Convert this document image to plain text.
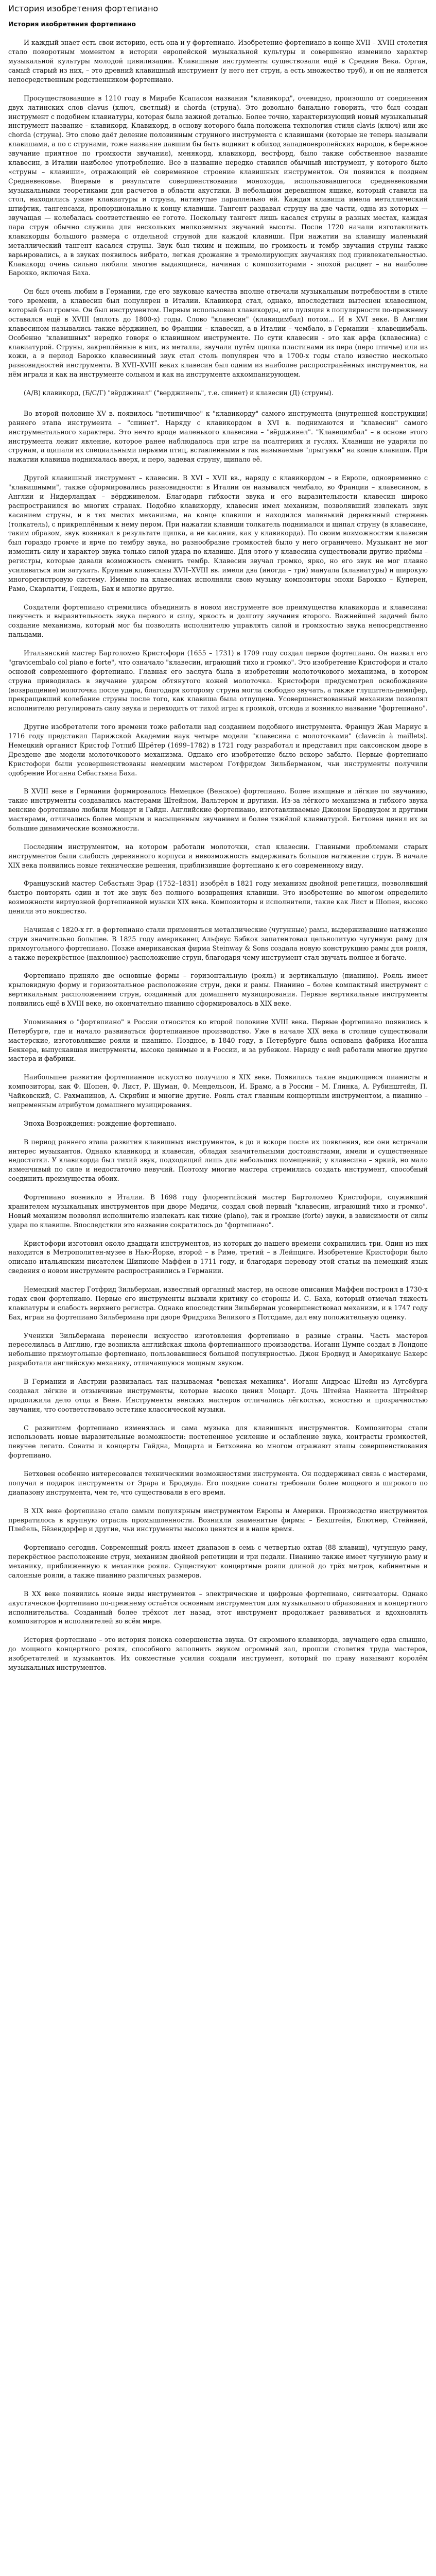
История изобретения фортепиано
История изобретения фортепиано

И каждый знает есть свои историю, есть она и у фортепиано. Изобретение фортепиано в конце XVII – XVIII столетия стало поворотным моментом в истории европейской музыкальной культуры и совершенно изменило характер музыкальной культуры молодой цивилизации. Клавишные инструменты существовали ещё в Средние Века. Орган, самый старый из них, – это древний клавишный инструмент (у него нет струн, а есть множество труб), и он не является непосредственным родственником фортепиано.

Просуществовавшие в 1210 году в Мирабе Ксапасом названия "клавикорд", очевидно, произошло от соединения двух латинских слов clavus (ключ, светлый) и chorda (струна). Это довольно банально говорить, что был создан инструмент с подобием клавиатуры, которая была важной деталью. Более точно, характеризующий новый музыкальный инструмент название – клавикорд. Клавикорд, в основу которого была положена технология стиля clavis (ключ) или же chorda (струна). Это слово даёт деление половинным струнного инструмента с клавишами (которые не теперь называли клавишами, а по с струнами, тоже название давшим бы быть водивит в обиход западноевропейских народов, в бережное звучание приятное по громкости звучания), менякорд, клавикорд, вестфорд, было также собственное название клавесин, в Италии наиболее употребление. Все в название нередко ставился обычный инструмент, у которого было «струны – клавиши», отражающий её современное строение клавишных инструментов. Он появился в позднем Средневековье. Впервые в результате совершенствования монохорда, использовавшегося средневековыми музыкальными теоретиками для расчетов в области акустики. В небольшом деревянном ящике, который ставили на стол, находились узкие клавиатуры и струна, натянутые параллельно ей. Каждая клавиша имела металлический штифтик, тангенсами, пропорционально к концу клавиши. Тангент раздавал струну на две части, одна из которых — звучащая — колебалась соответственно ее гоготе. Поскольку тангент лишь касался струны в разных местах, каждая пара струн обычно служила для нескольких мелкоземных звучаний высоты. После 1720 начали изготавливать клавикорды большого размера с отдельной струной для каждой клавиши. При нажатии на клавишу маленький металлический тангент касался струны. Звук был тихим и нежным, но громкость и тембр звучания струны также варьировались, а в звуках появилось вибрато, легкая дрожание в тремолирующих звучаниях под привлекательностью. Клавикорд очень сильно любили многие выдающиеся, начиная с композиторами - эпохой расцвет – на наиболее Барокко, включая Баха.

Он был очень любим в Германии, где его звуковые качества вполне отвечали музыкальным потребностям в стиле того времени, а клавесин был популярен в Италии. Клавикорд стал, однако, впоследствии вытеснен клавесином, который был громче. Он был инструментом. Первым использовал клавикорды, его пуляция в популярности по-прежнему оставался ещё в XVIII (вплоть до 1800-х) годы. Слово "клавесин" (клавицимбал) потом... И в XVI веке. В Англии клавесином назывались также вёрджинел, во Франции – клавесин, а в Италии – чембало, в Германии – клавецимбаль. Особенно "клавишных" нередко говоря о клавишном инструменте. По сути клавесин - это как арфа (клавесина) с клавиатурой. Струны, закреплённые в них, из металла, звучали путём щипка пластинами из пера (перо птичье) или из кожи, а в период Барокко клавесинный звук стал столь популярен что в 1700-х годы стало известно несколько разновидностей инструмента. В XVII–XVIII веках клавесин был одним из наиболее распространённых инструментов, на нём играли и как на инструменте сольном и как на инструменте аккомпанирующем.

(А/В) клавикорд, (Б/С/Г) "вёрджинал" ("верджинель", т.е. спинет) и клавесин (Д) (струны).

Во второй половине XV в. появилось "нетипичное" к "клавикорду" самого инструмента (внутренней конструкции) раннего этапа инструмента – "спинет". Наряду с клавикордом в XVI в. поднимаются и "клавесин" самого инструментального характера. Это нечто вроде маленького клавесина – "вёрджинел". "Клавецимбал" – в основе этого инструмента лежит явление, которое ранее наблюдалось при игре на псалтериях и гуслях. Клавиши не ударяли по струнам, а щипали их специальными перьями птиц, вставленными в так называемые "прыгунки" на конце клавиши. При нажатии клавиша поднималась вверх, и перо, задевая струну, щипало её.

Другой клавишный инструмент – клавесин. В XVI – XVII вв., наряду с клавикордом – в Европе, одновременно с "клавишными", также сформировались разновидности: в Италии он назывался чембало, во Франции – клавесином, в Англии и Нидерландах – вёрджинелом. Благодаря гибкости звука и его выразительности клавесин широко распространился во многих странах. Подобно клавикорду, клавесин имел механизм, позволявший извлекать звук касанием струны, и в тех местах механизма, на конце клавиши и находился маленький деревянный стержень (толкатель), с прикреплённым к нему пером. При нажатии клавиши толкатель поднимался и щипал струну (в клавесине, таким образом, звук возникал в результате щипка, а не касания, как у клавикорда). По своим возможностям клавесин был гораздо громче и ярче по тембру звука, но разнообразие громкостей было у него ограничено. Музыкант не мог изменить силу и характер звука только силой удара по клавише. Для этого у клавесина существовали другие приёмы – регистры, которые давали возможность сменить тембр. Клавесин звучал громко, ярко, но его звук не мог плавно усиливаться или затухать. Крупные клавесины XVII–XVIII вв. имели два (иногда – три) мануала (клавиатуры) и широкую многорегистровую систему. Именно на клавесинах исполняли свою музыку композиторы эпохи Барокко – Куперен, Рамо, Скарлатти, Гендель, Бах и многие другие.

Создатели фортепиано стремились объединить в новом инструменте все преимущества клавикорда и клавесина: певучесть и выразительность звука первого и силу, яркость и долготу звучания второго. Важнейшей задачей было создание механизма, который мог бы позволить исполнителю управлять силой и громкостью звука непосредственно пальцами.

Итальянский мастер Бартоломео Кристофори (1655 – 1731) в 1709 году создал первое фортепиано. Он назвал его "gravicembalo col piano e forte", что означало "клавесин, играющий тихо и громко". Это изобретение Кристофори и стало основой современного фортепиано. Главная его заслуга была в изобретении молоточкового механизма, в котором струна приводилась в звучание ударом обтянутого кожей молоточка. Кристофори предусмотрел освобождение (возвращение) молоточка после удара, благодаря которому струна могла свободно звучать, а также глушитель-демпфер, прекращавший колебание струны после того, как клавиша была отпущена. Усовершенствованный механизм позволял исполнителю регулировать силу звука и переходить от тихой игры к громкой, отсюда и возникло название "фортепиано".

Другие изобретатели того времени тоже работали над созданием подобного инструмента. Француз Жан Мариус в 1716 году представил Парижской Академии наук четыре модели "клавесина с молоточками" (clavecin à maillets). Немецкий органист Кристоф Готлиб Шрётер (1699–1782) в 1721 году разработал и представил при саксонском дворе в Дрездене две модели молоточкового механизма. Однако его изобретение было вскоре забыто. Первые фортепиано Кристофори были усовершенствованы немецким мастером Готфридом Зильберманом, чьи инструменты получили одобрение Иоганна Себастьяна Баха.

В XVIII веке в Германии формировалось Немецкое (Венское) фортепиано. Более изящные и лёгкие по звучанию, такие инструменты создавались мастерами Штейном, Вальтером и другими. Из-за лёгкого механизма и гибкого звука венские фортепиано любили Моцарт и Гайдн. Английские фортепиано, изготавливаемые Джоном Бродвудом и другими мастерами, отличались более мощным и насыщенным звучанием и более тяжёлой клавиатурой. Бетховен ценил их за большие динамические возможности.

Последним инструментом, на котором работали молоточки, стал клавесин. Главными проблемами старых инструментов были слабость деревянного корпуса и невозможность выдерживать большое натяжение струн. В начале XIX века появились новые технические решения, приблизившие фортепиано к его современному виду.

Французский мастер Себастьян Эрар (1752–1831) изобрёл в 1821 году механизм двойной репетиции, позволявший быстро повторять один и тот же звук без полного возвращения клавиши. Это изобретение во многом определило возможности виртуозной фортепианной музыки XIX века. Композиторы и исполнители, такие как Лист и Шопен, высоко ценили это новшество.

Начиная с 1820-х гг. в фортепиано стали применяться металлические (чугунные) рамы, выдерживавшие натяжение струн значительно большее. В 1825 году американец Альфеус Бэбкок запатентовал цельнолитую чугунную раму для прямоугольного фортепиано. Позже американская фирма Steinway & Sons создала новую конструкцию рамы для рояля, а также перекрёстное (наклонное) расположение струн, благодаря чему инструмент стал звучать полнее и богаче.

Фортепиано приняло две основные формы – горизонтальную (рояль) и вертикальную (пианино). Рояль имеет крыловидную форму и горизонтальное расположение струн, деки и рамы. Пианино – более компактный инструмент с вертикальным расположением струн, созданный для домашнего музицирования. Первые вертикальные инструменты появились ещё в XVIII веке, но окончательно пианино сформировалось в XIX веке.

Упоминания о "фортепиано" в России относятся ко второй половине XVIII века. Первые фортепиано появились в Петербурге, где и начало развиваться фортепианное производство. Уже в начале XIX века в столице существовали мастерские, изготовлявшие рояли и пианино. Позднее, в 1840 году, в Петербурге была основана фабрика Иоганна Беккера, выпускавшая инструменты, высоко ценимые и в России, и за рубежом. Наряду с ней работали многие другие мастера и фабрики.

Наибольшее развитие фортепианное искусство получило в XIX веке. Появились такие выдающиеся пианисты и композиторы, как Ф. Шопен, Ф. Лист, Р. Шуман, Ф. Мендельсон, И. Брамс, а в России – М. Глинка, А. Рубинштейн, П. Чайковский, С. Рахманинов, А. Скрябин и многие другие. Рояль стал главным концертным инструментом, а пианино – непременным атрибутом домашнего музицирования.

Эпоха Возрождения: рождение фортепиано.

В период раннего этапа развития клавишных инструментов, в до и вскоре после их появления, все они встречали интерес музыкантов. Однако клавикорд и клавесин, обладая значительными достоинствами, имели и существенные недостатки. У клавикорда был тихий звук, подходящий лишь для небольших помещений; у клавесина – яркий, но мало изменчивый по силе и недостаточно певучий. Поэтому многие мастера стремились создать инструмент, способный соединить преимущества обоих.

Фортепиано возникло в Италии. В 1698 году флорентийский мастер Бартоломео Кристофори, служивший хранителем музыкальных инструментов при дворе Медичи, создал свой первый "клавесин, играющий тихо и громко". Новый механизм позволял исполнителю извлекать как тихие (piano), так и громкие (forte) звуки, в зависимости от силы удара по клавише. Впоследствии это название сократилось до "фортепиано".

Кристофори изготовил около двадцати инструментов, из которых до нашего времени сохранились три. Один из них находится в Метрополитен-музее в Нью-Йорке, второй – в Риме, третий – в Лейпциге. Изобретение Кристофори было описано итальянским писателем Шипионе Маффеи в 1711 году, и благодаря переводу этой статьи на немецкий язык сведения о новом инструменте распространились в Германии.

Немецкий мастер Готфрид Зильберман, известный органный мастер, на основе описания Маффеи построил в 1730-х годах свои фортепиано. Первые его инструменты вызвали критику со стороны И. С. Баха, который отмечал тяжесть клавиатуры и слабость верхнего регистра. Однако впоследствии Зильберман усовершенствовал механизм, и в 1747 году Бах, играя на фортепиано Зильбермана при дворе Фридриха Великого в Потсдаме, дал ему положительную оценку.

Ученики Зильбермана перенесли искусство изготовления фортепиано в разные страны. Часть мастеров переселилась в Англию, где возникла английская школа фортепианного производства. Иоганн Цумпе создал в Лондоне небольшие прямоугольные фортепиано, пользовавшиеся большой популярностью. Джон Бродвуд и Американус Бакерс разработали английскую механику, отличавшуюся мощным звуком.

В Германии и Австрии развивалась так называемая "венская механика". Иоганн Андреас Штейн из Аугсбурга создавал лёгкие и отзывчивые инструменты, которые высоко ценил Моцарт. Дочь Штейна Наннетта Штрейхер продолжила дело отца в Вене. Инструменты венских мастеров отличались лёгкостью, ясностью и прозрачностью звучания, что соответствовало эстетике классической музыки.

С развитием фортепиано изменялась и сама музыка для клавишных инструментов. Композиторы стали использовать новые выразительные возможности: постепенное усиление и ослабление звука, контрасты громкостей, певучее легато. Сонаты и концерты Гайдна, Моцарта и Бетховена во многом отражают этапы совершенствования фортепиано.

Бетховен особенно интересовался техническими возможностями инструмента. Он поддерживал связь с мастерами, получал в подарок инструменты от Эрара и Бродвуда. Его поздние сонаты требовали более мощного и широкого по диапазону инструмента, чем те, что существовали в его время.

В XIX веке фортепиано стало самым популярным инструментом Европы и Америки. Производство инструментов превратилось в крупную отрасль промышленности. Возникли знаменитые фирмы – Бехштейн, Блютнер, Стейнвей, Плейель, Бёзендорфер и другие, чьи инструменты высоко ценятся и в наше время.

Фортепиано сегодня. Современный рояль имеет диапазон в семь с четвертью октав (88 клавиш), чугунную раму, перекрёстное расположение струн, механизм двойной репетиции и три педали. Пианино также имеет чугунную раму и механику, приближенную к механике рояля. Существуют концертные рояли длиной до трёх метров, кабинетные и салонные рояли, а также пианино различных размеров.

В XX веке появились новые виды инструментов – электрические и цифровые фортепиано, синтезаторы. Однако акустическое фортепиано по-прежнему остаётся основным инструментом для музыкального образования и концертного исполнительства. Созданный более трёхсот лет назад, этот инструмент продолжает развиваться и вдохновлять композиторов и исполнителей во всём мире.

История фортепиано – это история поиска совершенства звука. От скромного клавикорда, звучащего едва слышно, до мощного концертного рояля, способного заполнить звуком огромный зал, прошли столетия труда мастеров, изобретателей и музыкантов. Их совместные усилия создали инструмент, который по праву называют королём музыкальных инструментов.
